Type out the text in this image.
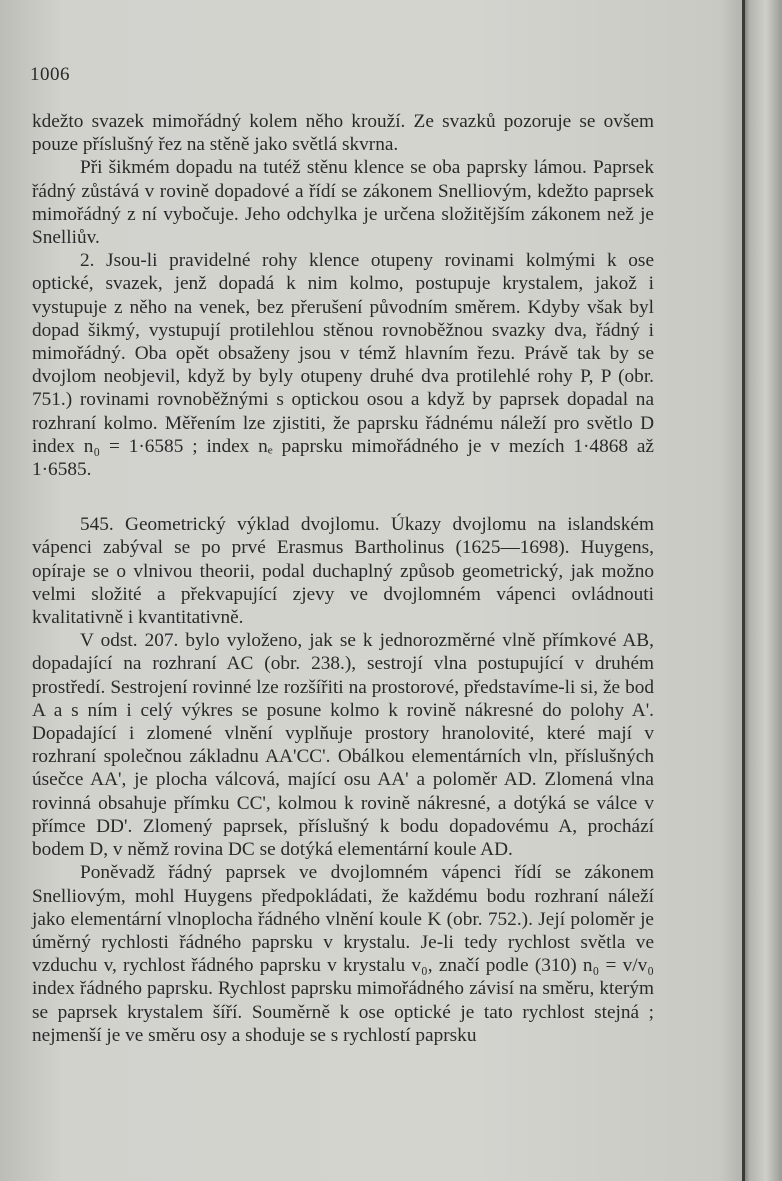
1006

kdežto svazek mimořádný kolem něho krouží. Ze svazků pozoruje se ovšem pouze příslušný řez na stěně jako světlá skvrna.

Při šikmém dopadu na tutéž stěnu klence se oba paprsky lámou. Paprsek řádný zůstává v rovině dopadové a řídí se zákonem Snelliovým, kdežto paprsek mimořádný z ní vybočuje. Jeho odchylka je určena složitějším zákonem než je Snelliův.

2. Jsou-li pravidelné rohy klence otupeny rovinami kolmými k ose optické, svazek, jenž dopadá k nim kolmo, postupuje krystalem, jakož i vystupuje z něho na venek, bez přerušení původním směrem. Kdyby však byl dopad šikmý, vystupují protilehlou stěnou rovnoběžnou svazky dva, řádný i mimořádný. Oba opět obsaženy jsou v témž hlavním řezu. Právě tak by se dvojlom neobjevil, když by byly otupeny druhé dva protilehlé rohy P, P (obr. 751.) rovinami rovnoběžnými s optickou osou a když by paprsek dopadal na rozhraní kolmo. Měřením lze zjistiti, že paprsku řádnému náleží pro světlo D index n₀ = 1·6585 ; index nₑ paprsku mimořádného je v mezích 1·4868 až 1·6585.

545. Geometrický výklad dvojlomu. Úkazy dvojlomu na islandském vápenci zabýval se po prvé Erasmus Bartholinus (1625—1698). Huygens, opíraje se o vlnivou theorii, podal duchaplný způsob geometrický, jak možno velmi složité a překvapující zjevy ve dvojlomném vápenci ovládnouti kvalitativně i kvantitativně.

V odst. 207. bylo vyloženo, jak se k jednorozměrné vlně přímkové AB, dopadající na rozhraní AC (obr. 238.), sestrojí vlna postupující v druhém prostředí. Sestrojení rovinné lze rozšířiti na prostorové, představíme-li si, že bod A a s ním i celý výkres se posune kolmo k rovině nákresné do polohy A'. Dopadající i zlomené vlnění vyplňuje prostory hranolovité, které mají v rozhraní společnou základnu AA'CC'. Obálkou elementárních vln, příslušných úsečce AA', je plocha válcová, mající osu AA' a poloměr AD. Zlomená vlna rovinná obsahuje přímku CC', kolmou k rovině nákresné, a dotýká se válce v přímce DD'. Zlomený paprsek, příslušný k bodu dopadovému A, prochází bodem D, v němž rovina DC se dotýká elementární koule AD.

Poněvadž řádný paprsek ve dvojlomném vápenci řídí se zákonem Snelliovým, mohl Huygens předpokládati, že každému bodu rozhraní náleží jako elementární vlnoplocha řádného vlnění koule K (obr. 752.). Její poloměr je úměrný rychlosti řádného paprsku v krystalu. Je-li tedy rychlost světla ve vzduchu v, rychlost řádného paprsku v krystalu v₀, značí podle (310) n₀ = v/v₀ index řádného paprsku. Rychlost paprsku mimořádného závisí na směru, kterým se paprsek krystalem šíří. Souměrně k ose optické je tato rychlost stejná ; nejmenší je ve směru osy a shoduje se s rychlostí paprsku
